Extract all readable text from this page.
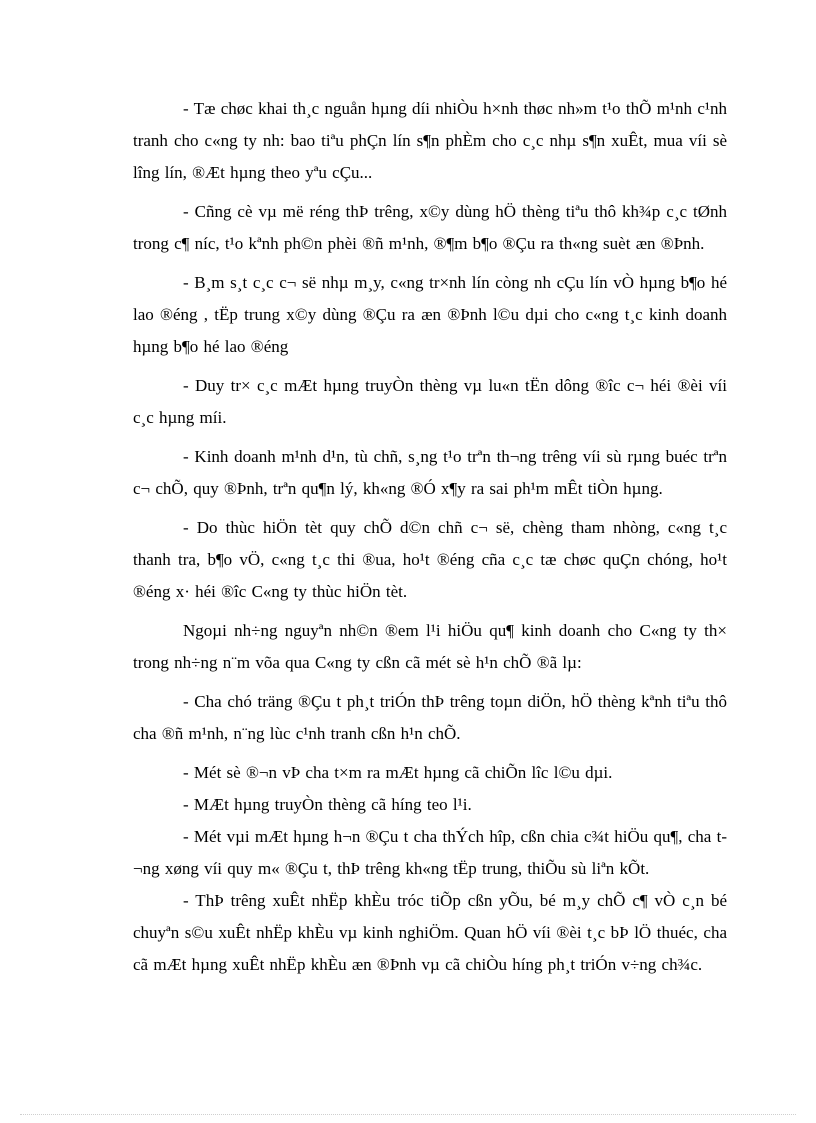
- Tæ chøc khai th¸c nguån hµng díi nhiÒu h×nh thøc nh»m t¹o thÕ m¹nh c¹nh tranh cho c«ng ty nh: bao tiªu phÇn lín s¶n phÈm cho c¸c nhµ s¶n xuÊt, mua víi sè lîng lín, ®Æt hµng theo yªu cÇu...

- Cñng cè vµ më réng thÞ trêng, x©y dùng hÖ thèng tiªu thô kh¾p c¸c tØnh trong c¶ níc, t¹o kªnh ph©n phèi ®ñ m¹nh, ®¶m b¶o ®Çu ra th«ng suèt æn ®Þnh.

- B¸m s¸t c¸c c¬ së nhµ m¸y, c«ng tr×nh lín còng nh cÇu lín vÒ hµng b¶o hé lao ®éng , tËp trung x©y dùng ®Çu ra æn ®Þnh l©u dµi cho c«ng t¸c kinh doanh hµng b¶o hé lao ®éng

- Duy tr× c¸c mÆt hµng truyÒn thèng vµ lu«n tËn dông ®îc c¬ héi ®èi víi c¸c hµng míi.

- Kinh doanh m¹nh d¹n, tù chñ, s¸ng t¹o trªn th¬ng trêng víi sù rµng buéc trªn c¬ chÕ, quy ®Þnh, trªn qu¶n lý, kh«ng ®Ó x¶y ra sai ph¹m mÊt tiÒn hµng.

- Do thùc hiÖn tèt quy chÕ d©n chñ c¬ së, chèng tham nhòng, c«ng t¸c thanh tra, b¶o vÖ, c«ng t¸c thi ®ua, ho¹t ®éng cña c¸c tæ chøc quÇn chóng, ho¹t ®éng x· héi ®îc C«ng ty thùc hiÖn tèt.

Ngoµi nh÷ng nguyªn nh©n ®em l¹i hiÖu qu¶ kinh doanh cho C«ng ty th× trong nh÷ng n¨m võa qua C«ng ty cßn cã mét sè h¹n chÕ ®ã lµ:

- Cha chó träng ®Çu t ph¸t triÓn thÞ trêng toµn diÖn, hÖ thèng kªnh tiªu thô cha ®ñ m¹nh, n¨ng lùc c¹nh tranh cßn h¹n chÕ.

- Mét sè ®¬n vÞ cha t×m ra mÆt hµng cã chiÕn lîc l©u dµi.

- MÆt hµng truyÒn thèng cã híng teo l¹i.

- Mét vµi mÆt hµng h¬n ®Çu t cha thÝch hîp, cßn chia c¾t hiÖu qu¶, cha t¬ng xøng víi quy m« ®Çu t, thÞ trêng kh«ng tËp trung, thiÕu sù liªn kÕt.

- ThÞ trêng xuÊt nhËp khÈu tróc tiÕp cßn yÕu, bé m¸y chÕ c¶ vÒ c¸n bé chuyªn s©u xuÊt nhËp khÈu vµ kinh nghiÖm. Quan hÖ víi ®èi t¸c bÞ lÖ thuéc, cha cã mÆt hµng xuÊt nhËp khÈu æn ®Þnh vµ cã chiÒu híng ph¸t triÓn v÷ng ch¾c.
